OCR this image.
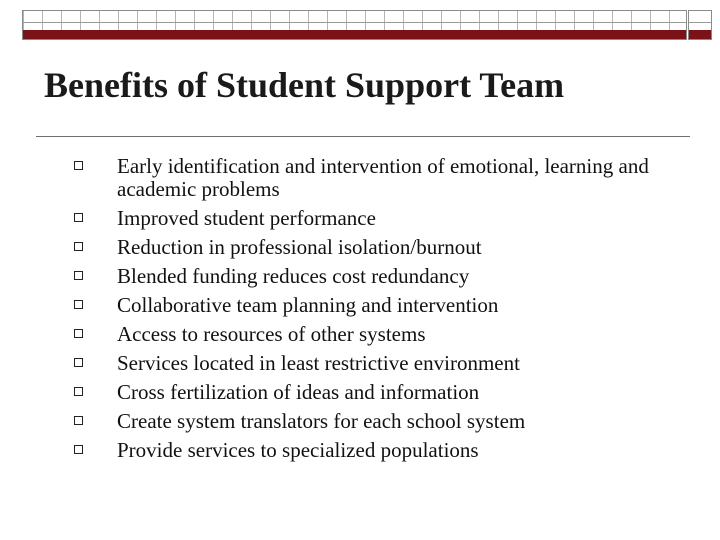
Benefits of Student Support Team
Early identification and intervention of emotional, learning and academic problems
Improved student performance
Reduction in professional isolation/burnout
Blended funding reduces cost redundancy
Collaborative team planning and intervention
Access to resources of other systems
Services located in least restrictive environment
Cross fertilization of ideas and information
Create system translators for each school system
Provide services to specialized populations
